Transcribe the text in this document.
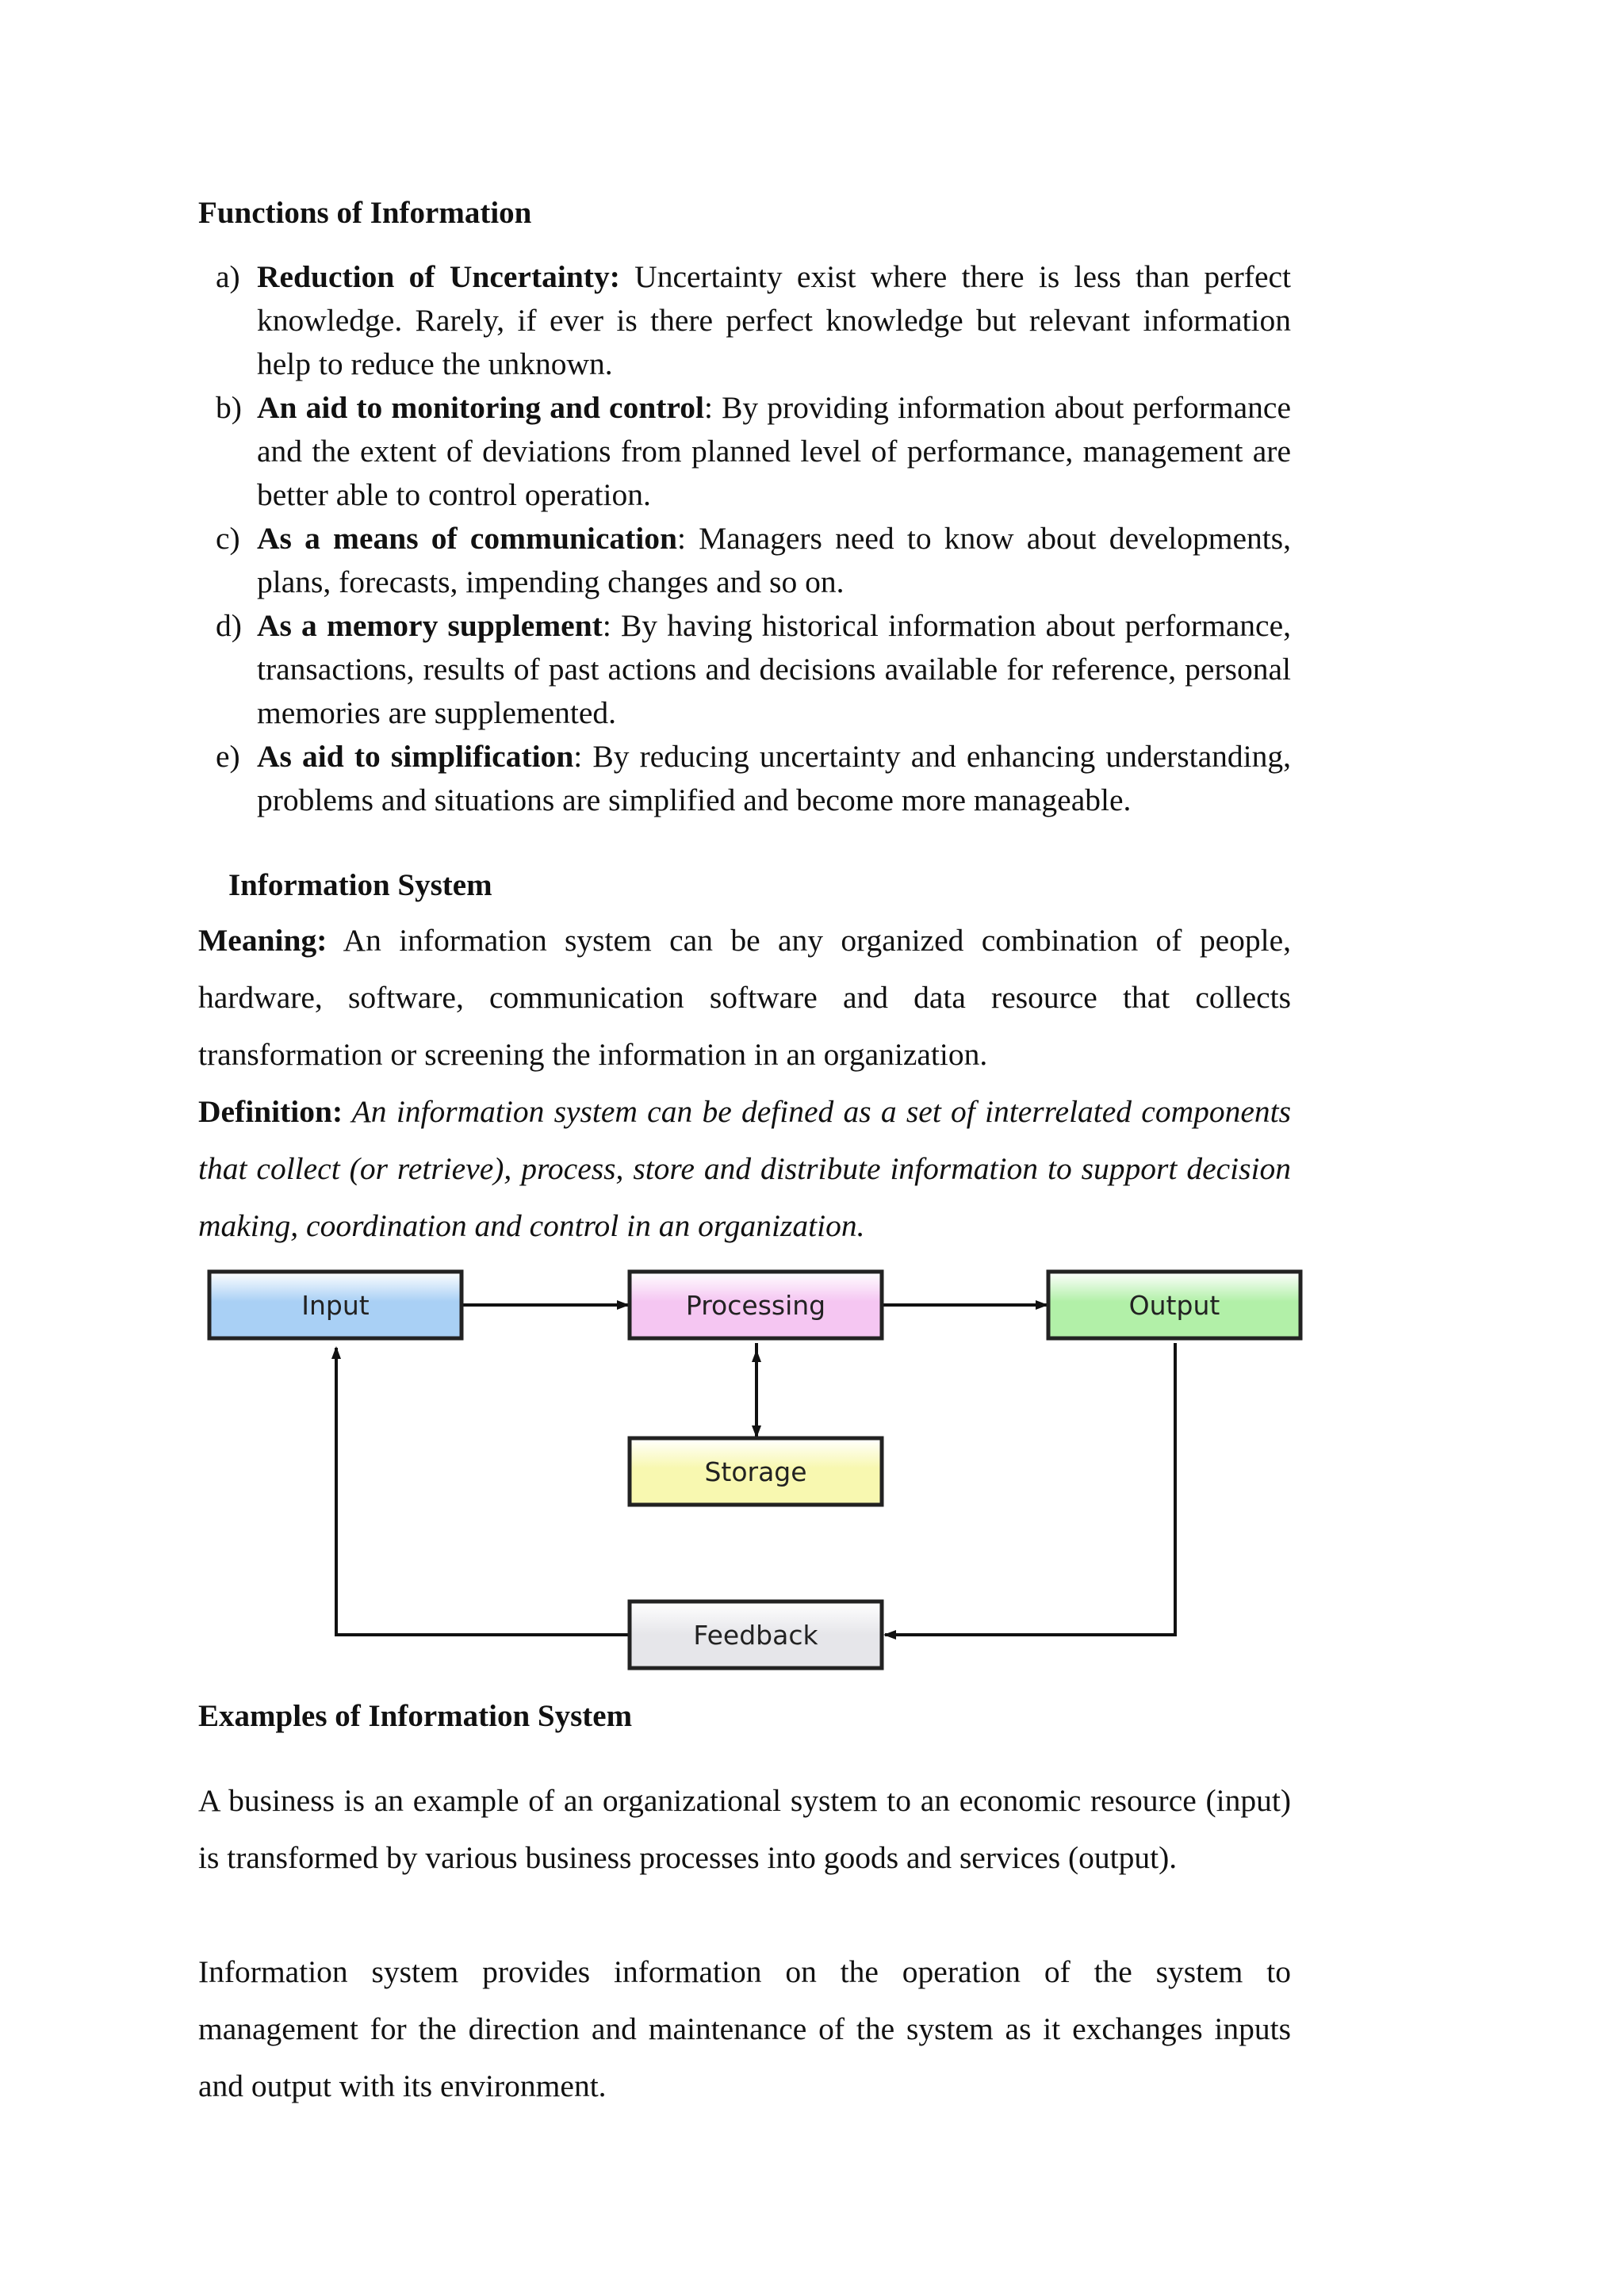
Functions of Information
a) Reduction of Uncertainty: Uncertainty exist where there is less than perfect knowledge. Rarely, if ever is there perfect knowledge but relevant information help to reduce the unknown.
b) An aid to monitoring and control: By providing information about performance and the extent of deviations from planned level of performance, management are better able to control operation.
c) As a means of communication: Managers need to know about developments, plans, forecasts, impending changes and so on.
d) As a memory supplement: By having historical information about performance, transactions, results of past actions and decisions available for reference, personal memories are supplemented.
e) As aid to simplification: By reducing uncertainty and enhancing understanding, problems and situations are simplified and become more manageable.
Information System

Meaning: An information system can be any organized combination of people, hardware, software, communication software and data resource that collects transformation or screening the information in an organization.

Definition: An information system can be defined as a set of interrelated components that collect (or retrieve), process, store and distribute information to support decision making, coordination and control in an organization.

Examples of Information System

A business is an example of an organizational system to an economic resource (input) is transformed by various business processes into goods and services (output).

Information system provides information on the operation of the system to management for the direction and maintenance of the system as it exchanges inputs and output with its environment.

Input	Processing	Output
Storage
Feedback
